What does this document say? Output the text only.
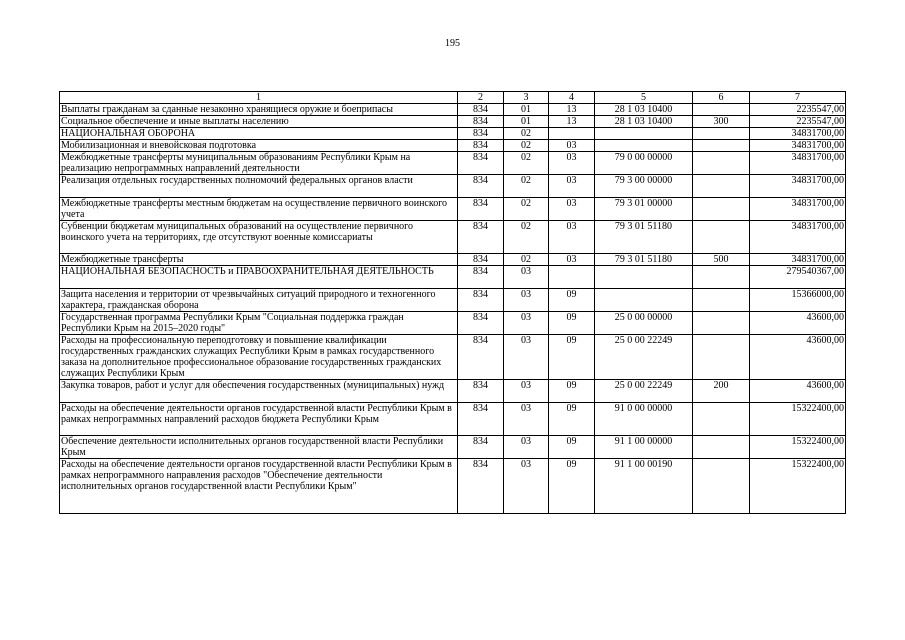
195
1	2	3	4	5	6	7
Выплаты гражданам за сданные незаконно хранящиеся оружие и боеприпасы	834	01	13	28 1 03 10400		2235547,00
Социальное обеспечение и иные выплаты населению	834	01	13	28 1 03 10400	300	2235547,00
НАЦИОНАЛЬНАЯ ОБОРОНА	834	02				34831700,00
Мобилизационная и вневойсковая подготовка	834	02	03			34831700,00
Межбюджетные трансферты муниципальным образованиям Республики Крым на реализацию непрограммных направлений деятельности	834	02	03	79 0 00 00000		34831700,00
Реализация отдельных государственных полномочий федеральных органов власти	834	02	03	79 3 00 00000		34831700,00
Межбюджетные трансферты местным бюджетам на осуществление первичного воинского учета	834	02	03	79 3 01 00000		34831700,00
Субвенции бюджетам муниципальных образований на осуществление первичного воинского учета на территориях, где отсутствуют военные комиссариаты	834	02	03	79 3 01 51180		34831700,00
Межбюджетные трансферты	834	02	03	79 3 01 51180	500	34831700,00
НАЦИОНАЛЬНАЯ БЕЗОПАСНОСТЬ и ПРАВООХРАНИТЕЛЬНАЯ ДЕЯТЕЛЬНОСТЬ	834	03				279540367,00
Защита населения и территории от чрезвычайных ситуаций природного и техногенного характера, гражданская оборона	834	03	09			15366000,00
Государственная программа Республики Крым "Социальная поддержка граждан Республики Крым на 2015–2020 годы"	834	03	09	25 0 00 00000		43600,00
Расходы на профессиональную переподготовку и повышение квалификации государственных гражданских служащих Республики Крым в рамках государственного заказа на дополнительное профессиональное образование государственных гражданских служащих Республики Крым	834	03	09	25 0 00 22249		43600,00
Закупка товаров, работ и услуг для обеспечения государственных (муниципальных) нужд	834	03	09	25 0 00 22249	200	43600,00
Расходы на обеспечение деятельности органов государственной власти Республики Крым в рамках непрограммных направлений расходов бюджета Республики Крым	834	03	09	91 0 00 00000		15322400,00
Обеспечение деятельности исполнительных органов государственной власти Республики Крым	834	03	09	91 1 00 00000		15322400,00
Расходы на обеспечение деятельности органов государственной власти Республики Крым в рамках непрограммного направления расходов "Обеспечение деятельности исполнительных органов государственной власти Республики Крым"	834	03	09	91 1 00 00190		15322400,00
